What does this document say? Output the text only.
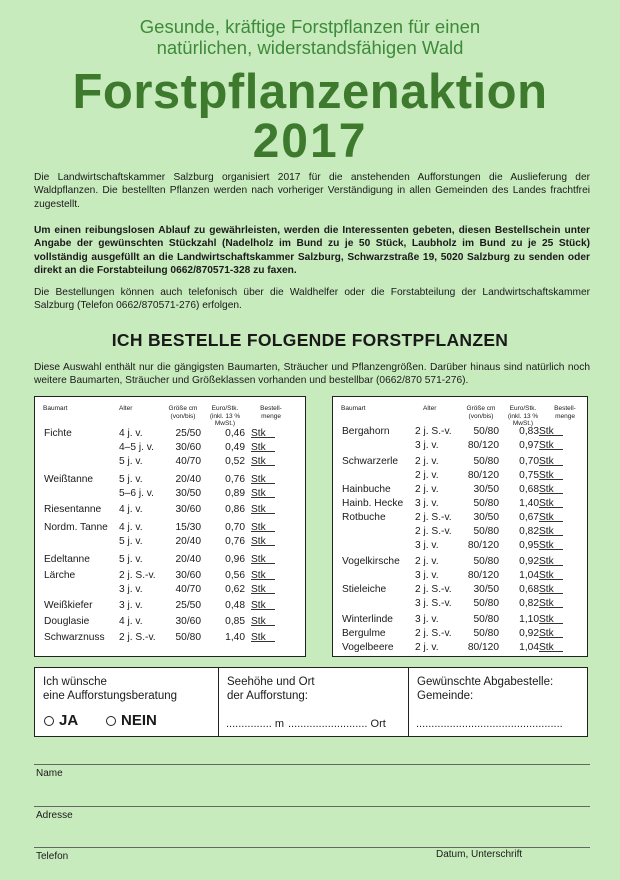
Gesunde, kräftige Forstpflanzen für einen
natürlichen, widerstandsfähigen Wald
Forstpflanzenaktion
2017
Die Landwirtschaftskammer Salzburg organisiert 2017 für die anstehenden Aufforstungen die Auslieferung der Waldpflanzen. Die bestellten Pflanzen werden nach vorheriger Verständigung in allen Gemeinden des Landes frachtfrei zugestellt.
Um einen reibungslosen Ablauf zu gewährleisten, werden die Interessenten gebeten, diesen Bestellschein unter Angabe der gewünschten Stückzahl (Nadelholz im Bund zu je 50 Stück, Laubholz im Bund zu je 25 Stück) vollständig ausgefüllt an die Landwirtschaftskammer Salzburg, Schwarzstraße 19, 5020 Salzburg zu senden oder direkt an die Forstabteilung 0662/870571-328 zu faxen.
Die Bestellungen können auch telefonisch über die Waldhelfer oder die Forstabteilung der Landwirtschaftskammer Salzburg (Telefon 0662/870571-276) erfolgen.
ICH BESTELLE FOLGENDE FORSTPFLANZEN
Diese Auswahl enthält nur die gängigsten Baumarten, Sträucher und Pflanzengrößen. Darüber hinaus sind natürlich noch weitere Baumarten, Sträucher und Größeklassen vorhanden und bestellbar (0662/870 571-276).
Baumart	Alter	Größe cm
(von/bis)
Euro/Stk.
(inkl. 13 % MwSt.)
Bestell-
menge
Fichte	4 j. v.	25/50 0,46 Stk
4–5 j. v. 30/60 0,49 Stk
5 j. v.	40/70 0,52 Stk
Weißtanne	5 j. v.	20/40 0,76 Stk
5–6 j. v. 30/50 0,89 Stk
Riesentanne 4 j. v.	30/60 0,86 Stk
Nordm. Tanne 4 j. v.	15/30 0,70 Stk
5 j. v.	20/40 0,76 Stk
Edeltanne	5 j. v.	20/40 0,96 Stk
Lärche	2 j. S.-v. 30/60 0,56 Stk
3 j. v.	40/70 0,62 Stk
Weißkiefer	3 j. v.	25/50 0,48 Stk
Douglasie	4 j. v.	30/60 0,85 Stk
Schwarznuss 2 j. S.-v. 50/80 1,40 Stk
Baumart	Alter	Größe cm
(von/bis)
Euro/Stk.
(inkl. 13 % MwSt.)
Bestell-
menge
Bergahorn 2 j. S.-v. 50/80 0,83 Stk
3 j. v.	80/120 0,97 Stk
Schwarzerle 2 j. v.	50/80 0,70 Stk
2 j. v.	80/120 0,75 Stk
Hainbuche 2 j. v.	30/50 0,68 Stk
Hainb. Hecke 3 j. v.	50/80 1,40 Stk
Rotbuche	2 j. S.-v. 30/50 0,67 Stk
2 j. S.-v. 50/80 0,82 Stk
3 j. v.	80/120 0,95 Stk
Vogelkirsche 2 j. v.	50/80 0,92 Stk
3 j. v.	80/120 1,04 Stk
Stieleiche	2 j. S.-v. 30/50 0,68 Stk
3 j. S.-v. 50/80 0,82 Stk
Winterlinde 3 j. v.	50/80 1,10 Stk
Bergulme	2 j. S.-v. 50/80 0,92 Stk
Vogelbeere 2 j. v.	80/120 1,04 Stk
Ich wünsche
eine Aufforstungsberatung
JA	NEIN
Seehöhe und Ort
der Aufforstung:
............... m .......................... Ort
Gewünschte Abgabestelle:
Gemeinde:
................................................
Name
Adresse
Telefon	Datum, Unterschrift
